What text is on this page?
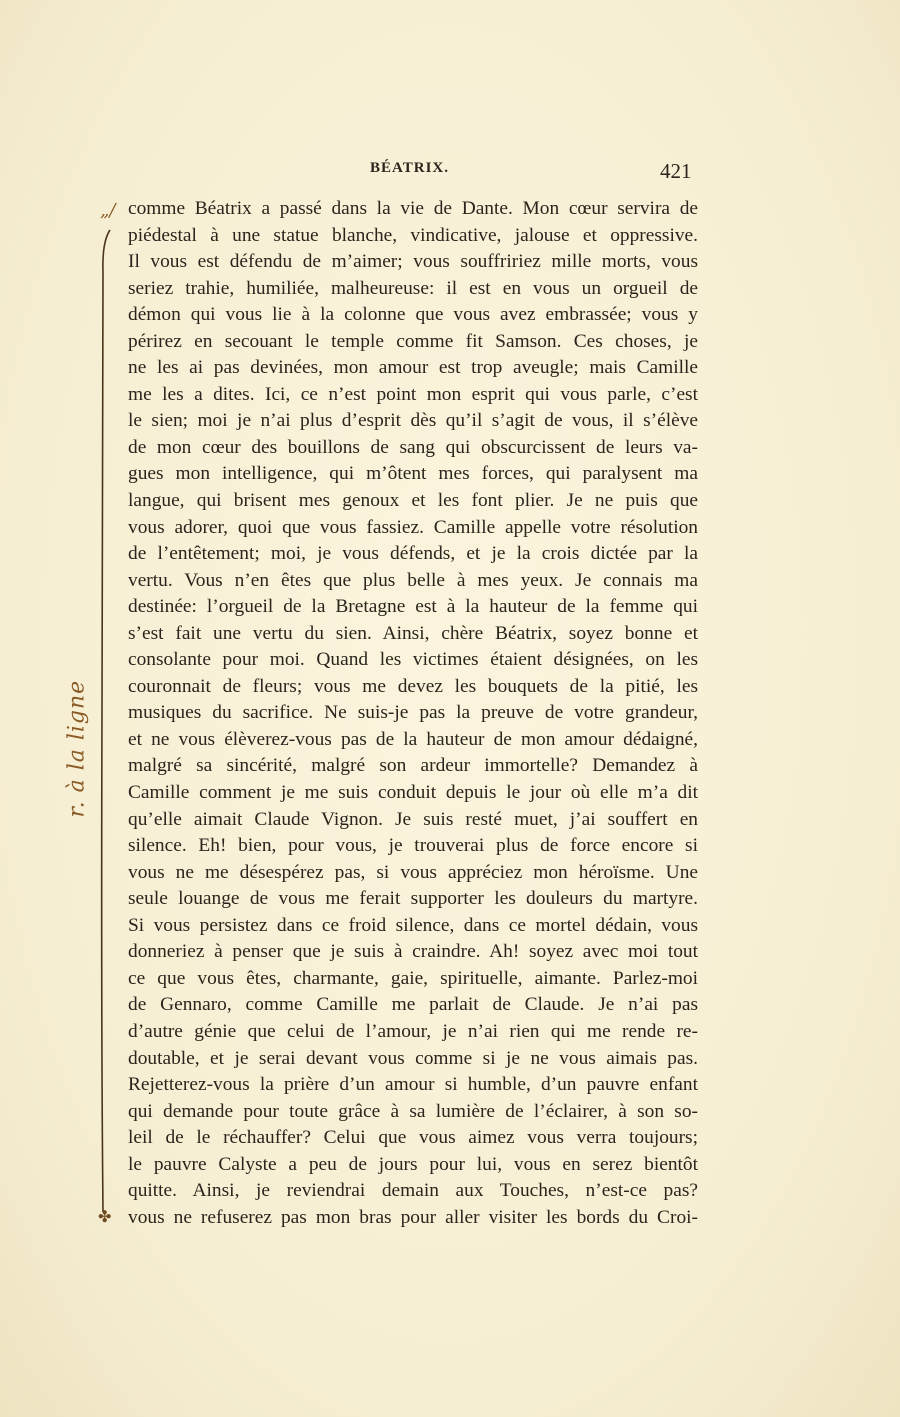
BÉATRIX.	421
„/
r. à la ligne
✤
comme Béatrix a passé dans la vie de Dante. Mon cœur servira de
piédestal à une statue blanche, vindicative, jalouse et oppressive.
Il vous est défendu de m’aimer; vous souffririez mille morts, vous
seriez trahie, humiliée, malheureuse: il est en vous un orgueil de
démon qui vous lie à la colonne que vous avez embrassée; vous y
périrez en secouant le temple comme fit Samson. Ces choses, je
ne les ai pas devinées, mon amour est trop aveugle; mais Camille
me les a dites. Ici, ce n’est point mon esprit qui vous parle, c’est
le sien; moi je n’ai plus d’esprit dès qu’il s’agit de vous, il s’élève
de mon cœur des bouillons de sang qui obscurcissent de leurs va-
gues mon intelligence, qui m’ôtent mes forces, qui paralysent ma
langue, qui brisent mes genoux et les font plier. Je ne puis que
vous adorer, quoi que vous fassiez. Camille appelle votre résolution
de l’entêtement; moi, je vous défends, et je la crois dictée par la
vertu. Vous n’en êtes que plus belle à mes yeux. Je connais ma
destinée: l’orgueil de la Bretagne est à la hauteur de la femme qui
s’est fait une vertu du sien. Ainsi, chère Béatrix, soyez bonne et
consolante pour moi. Quand les victimes étaient désignées, on les
couronnait de fleurs; vous me devez les bouquets de la pitié, les
musiques du sacrifice. Ne suis-je pas la preuve de votre grandeur,
et ne vous élèverez-vous pas de la hauteur de mon amour dédaigné,
malgré sa sincérité, malgré son ardeur immortelle? Demandez à
Camille comment je me suis conduit depuis le jour où elle m’a dit
qu’elle aimait Claude Vignon. Je suis resté muet, j’ai souffert en
silence. Eh! bien, pour vous, je trouverai plus de force encore si
vous ne me désespérez pas, si vous appréciez mon héroïsme. Une
seule louange de vous me ferait supporter les douleurs du martyre.
Si vous persistez dans ce froid silence, dans ce mortel dédain, vous
donneriez à penser que je suis à craindre. Ah! soyez avec moi tout
ce que vous êtes, charmante, gaie, spirituelle, aimante. Parlez-moi
de Gennaro, comme Camille me parlait de Claude. Je n’ai pas
d’autre génie que celui de l’amour, je n’ai rien qui me rende re-
doutable, et je serai devant vous comme si je ne vous aimais pas.
Rejetterez-vous la prière d’un amour si humble, d’un pauvre enfant
qui demande pour toute grâce à sa lumière de l’éclairer, à son so-
leil de le réchauffer? Celui que vous aimez vous verra toujours;
le pauvre Calyste a peu de jours pour lui, vous en serez bientôt
quitte. Ainsi, je reviendrai demain aux Touches, n’est-ce pas?
vous ne refuserez pas mon bras pour aller visiter les bords du Croi-
